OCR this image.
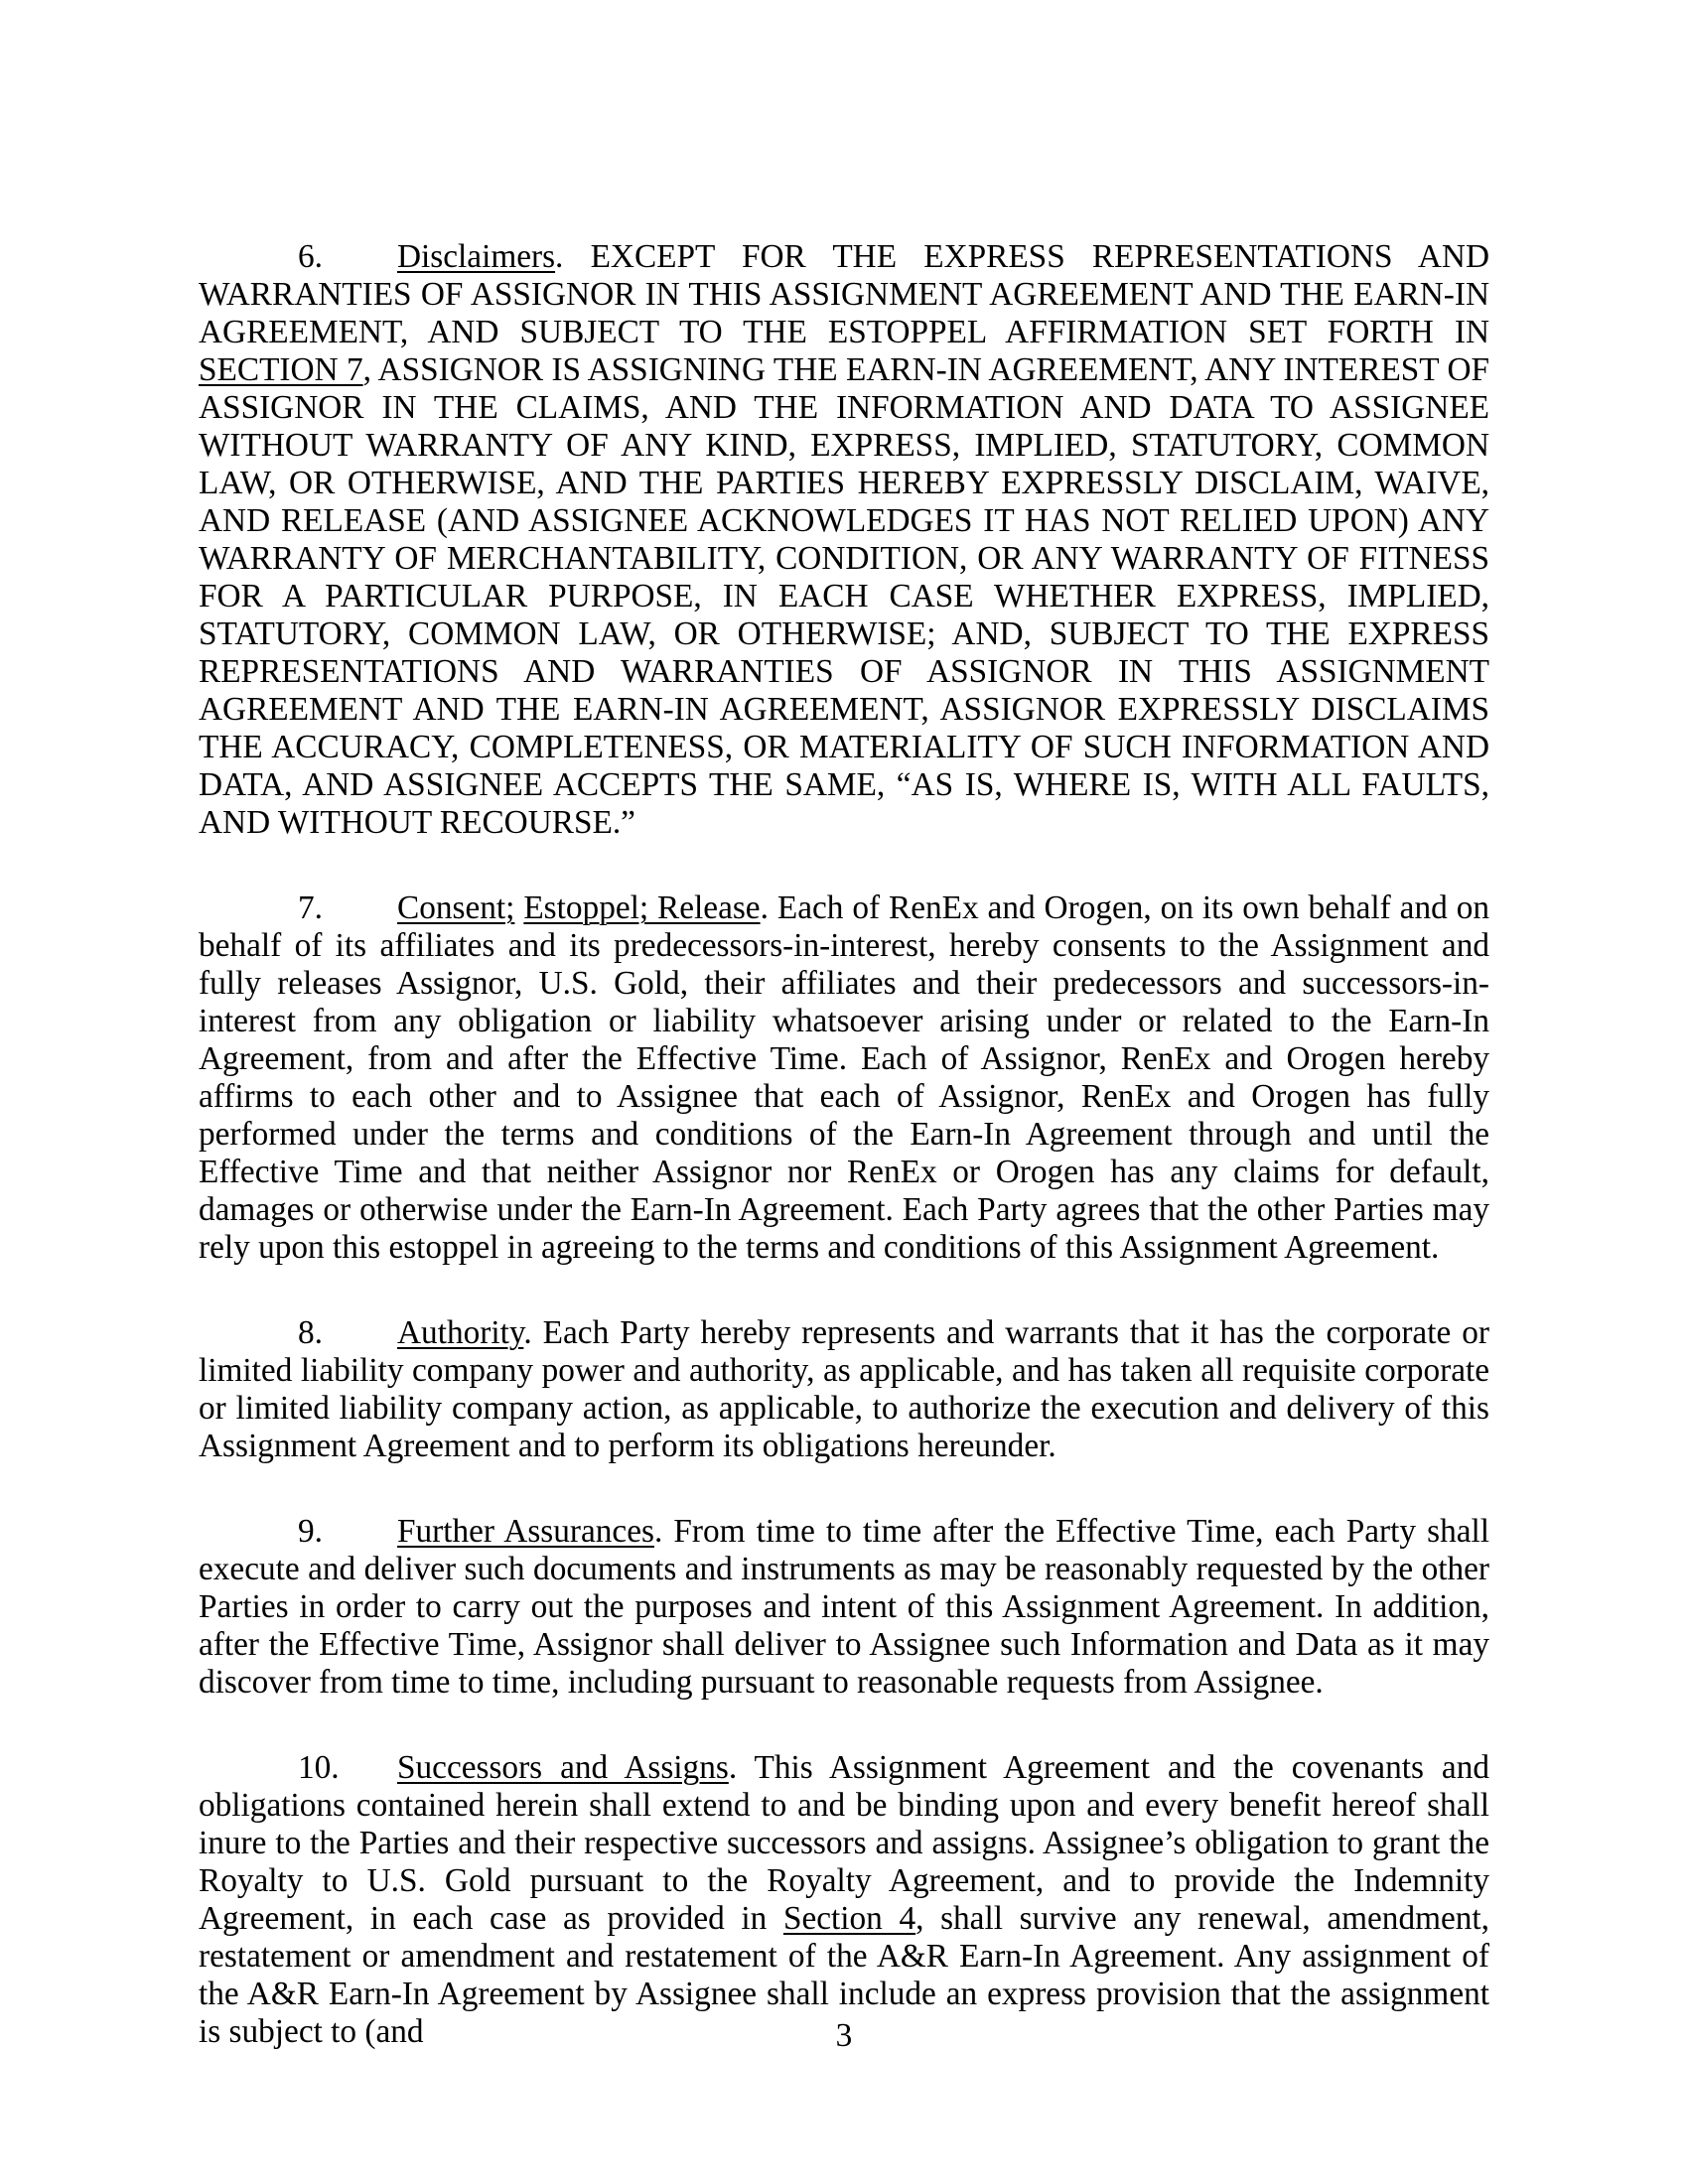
6. Disclaimers. EXCEPT FOR THE EXPRESS REPRESENTATIONS AND WARRANTIES OF ASSIGNOR IN THIS ASSIGNMENT AGREEMENT AND THE EARN-IN AGREEMENT, AND SUBJECT TO THE ESTOPPEL AFFIRMATION SET FORTH IN SECTION 7, ASSIGNOR IS ASSIGNING THE EARN-IN AGREEMENT, ANY INTEREST OF ASSIGNOR IN THE CLAIMS, AND THE INFORMATION AND DATA TO ASSIGNEE WITHOUT WARRANTY OF ANY KIND, EXPRESS, IMPLIED, STATUTORY, COMMON LAW, OR OTHERWISE, AND THE PARTIES HEREBY EXPRESSLY DISCLAIM, WAIVE, AND RELEASE (AND ASSIGNEE ACKNOWLEDGES IT HAS NOT RELIED UPON) ANY WARRANTY OF MERCHANTABILITY, CONDITION, OR ANY WARRANTY OF FITNESS FOR A PARTICULAR PURPOSE, IN EACH CASE WHETHER EXPRESS, IMPLIED, STATUTORY, COMMON LAW, OR OTHERWISE; AND, SUBJECT TO THE EXPRESS REPRESENTATIONS AND WARRANTIES OF ASSIGNOR IN THIS ASSIGNMENT AGREEMENT AND THE EARN-IN AGREEMENT, ASSIGNOR EXPRESSLY DISCLAIMS THE ACCURACY, COMPLETENESS, OR MATERIALITY OF SUCH INFORMATION AND DATA, AND ASSIGNEE ACCEPTS THE SAME, “AS IS, WHERE IS, WITH ALL FAULTS, AND WITHOUT RECOURSE.”

7. Consent; Estoppel; Release. Each of RenEx and Orogen, on its own behalf and on behalf of its affiliates and its predecessors-in-interest, hereby consents to the Assignment and fully releases Assignor, U.S. Gold, their affiliates and their predecessors and successors-in-interest from any obligation or liability whatsoever arising under or related to the Earn-In Agreement, from and after the Effective Time. Each of Assignor, RenEx and Orogen hereby affirms to each other and to Assignee that each of Assignor, RenEx and Orogen has fully performed under the terms and conditions of the Earn-In Agreement through and until the Effective Time and that neither Assignor nor RenEx or Orogen has any claims for default, damages or otherwise under the Earn-In Agreement. Each Party agrees that the other Parties may rely upon this estoppel in agreeing to the terms and conditions of this Assignment Agreement.

8. Authority. Each Party hereby represents and warrants that it has the corporate or limited liability company power and authority, as applicable, and has taken all requisite corporate or limited liability company action, as applicable, to authorize the execution and delivery of this Assignment Agreement and to perform its obligations hereunder.

9. Further Assurances. From time to time after the Effective Time, each Party shall execute and deliver such documents and instruments as may be reasonably requested by the other Parties in order to carry out the purposes and intent of this Assignment Agreement. In addition, after the Effective Time, Assignor shall deliver to Assignee such Information and Data as it may discover from time to time, including pursuant to reasonable requests from Assignee.

10. Successors and Assigns. This Assignment Agreement and the covenants and obligations contained herein shall extend to and be binding upon and every benefit hereof shall inure to the Parties and their respective successors and assigns. Assignee’s obligation to grant the Royalty to U.S. Gold pursuant to the Royalty Agreement, and to provide the Indemnity Agreement, in each case as provided in Section 4, shall survive any renewal, amendment, restatement or amendment and restatement of the A&R Earn-In Agreement. Any assignment of the A&R Earn-In Agreement by Assignee shall include an express provision that the assignment is subject to (and	3
